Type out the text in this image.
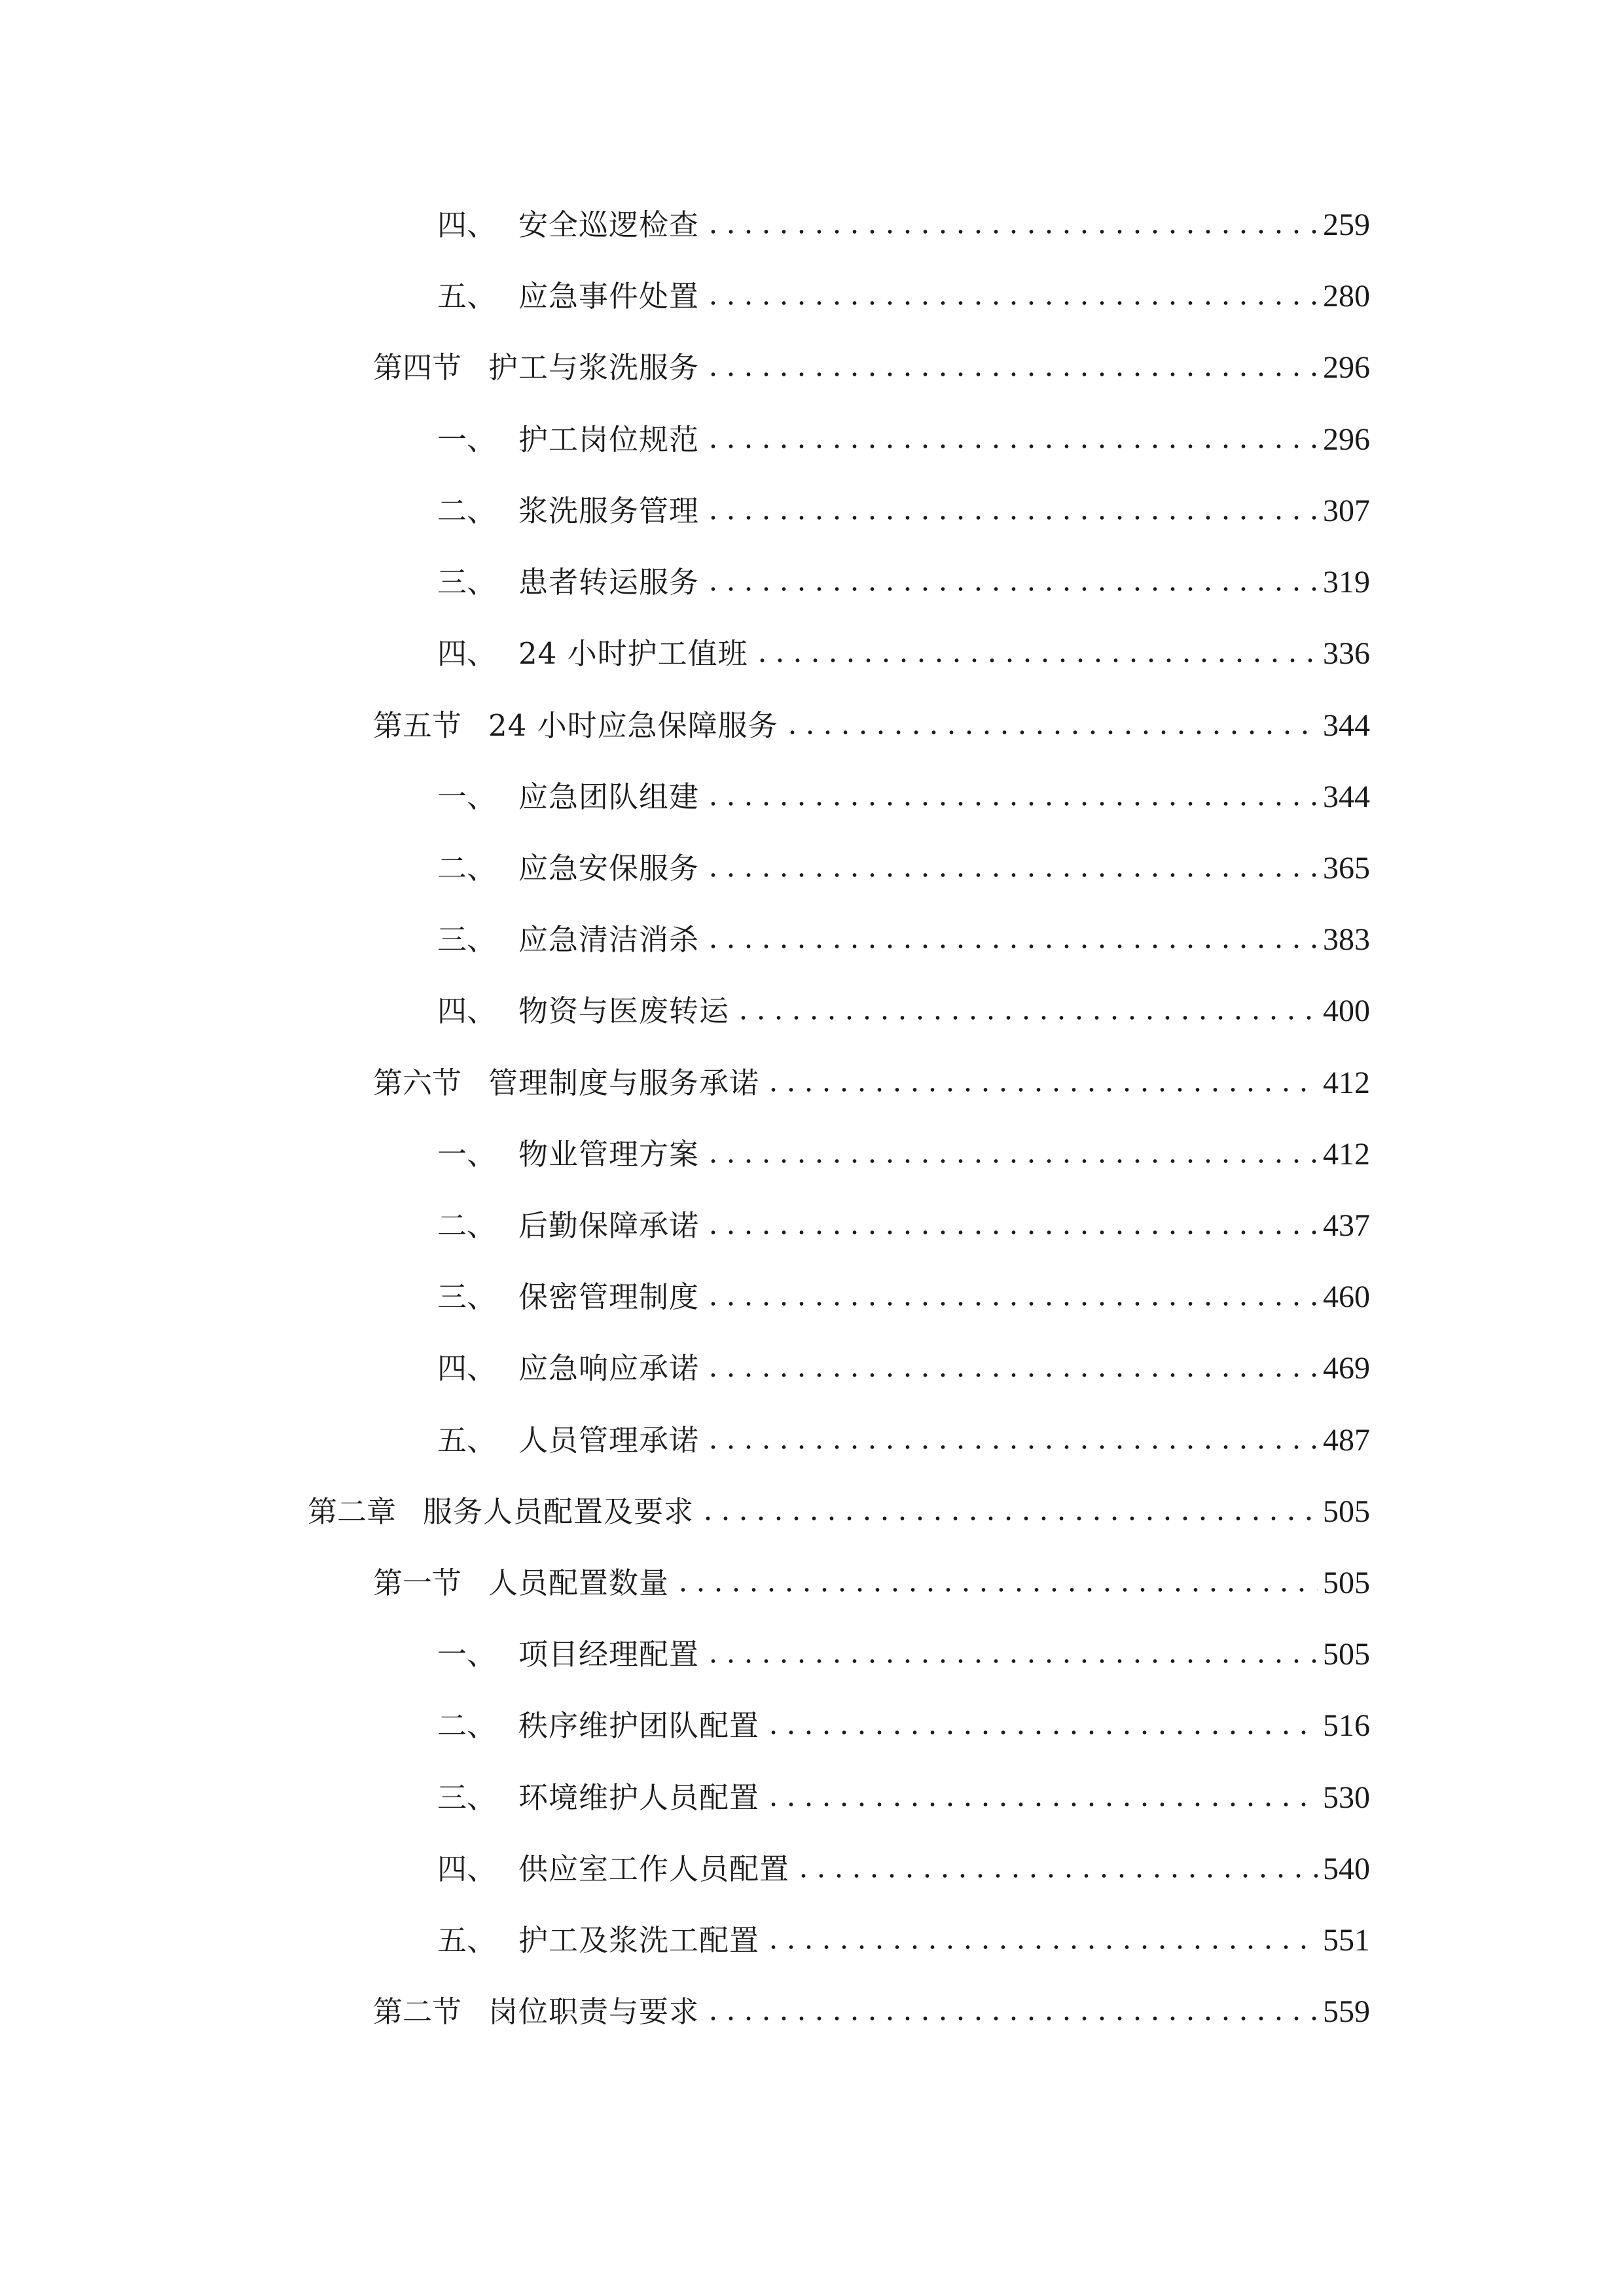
四、 安全巡逻检查	259
五、 应急事件处置	280
第四节 护工与浆洗服务	296
一、 护工岗位规范	296
二、 浆洗服务管理	307
三、 患者转运服务	319
四、 24 小时护工值班	336
第五节 24 小时应急保障服务	344
一、 应急团队组建	344
二、 应急安保服务	365
三、 应急清洁消杀	383
四、 物资与医废转运	400
第六节 管理制度与服务承诺	412
一、 物业管理方案	412
二、 后勤保障承诺	437
三、 保密管理制度	460
四、 应急响应承诺	469
五、 人员管理承诺	487
第二章 服务人员配置及要求	505
第一节 人员配置数量	505
一、 项目经理配置	505
二、 秩序维护团队配置	516
三、 环境维护人员配置	530
四、 供应室工作人员配置	540
五、 护工及浆洗工配置	551
第二节 岗位职责与要求	559
